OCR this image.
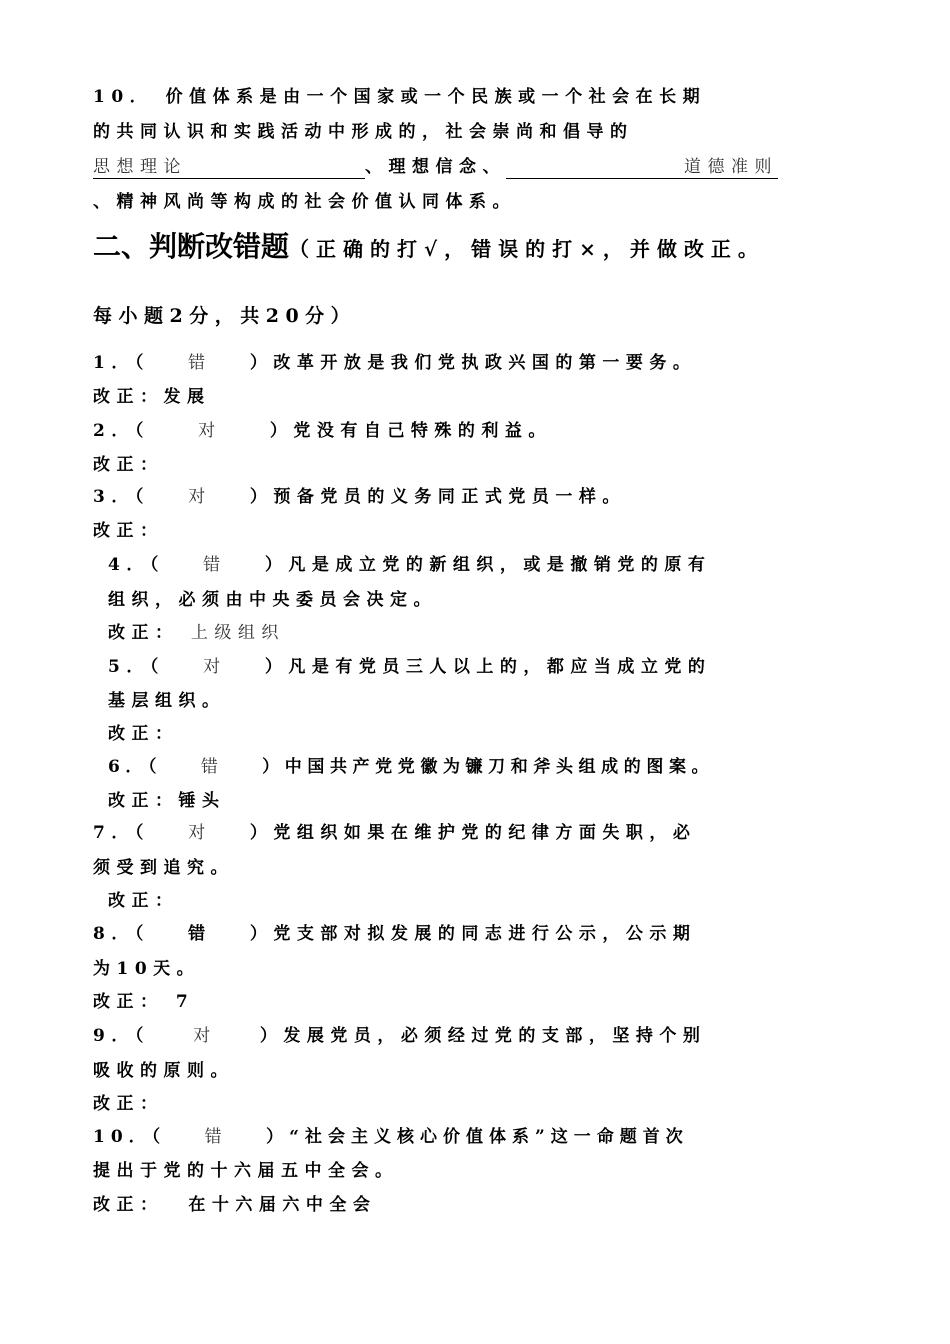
10． 价值体系是由一个国家或一个民族或一个社会在长期
的共同认识和实践活动中形成的，社会崇尚和倡导的
思想理论	、理想信念、	道德准则
、精神风尚等构成的社会价值认同体系。
二、判断改错题（正确的打√，错误的打×，并做改正。
每小题2分，共20分）
1．（ 错 ）改革开放是我们党执政兴国的第一要务。
改正：发展
2．（	对	）党没有自己特殊的利益。
改正：
3．（ 对 ）预备党员的义务同正式党员一样。
改正：
4．（ 错 ）凡是成立党的新组织，或是撤销党的原有
组织，必须由中央委员会决定。
改正： 上级组织
5．（ 对 ）凡是有党员三人以上的，都应当成立党的
基层组织。
改正：
6．（ 错 ）中国共产党党徽为镰刀和斧头组成的图案。
改正：锤头
7．（ 对 ）党组织如果在维护党的纪律方面失职，必
须受到追究。
改正：
8．（ 错 ）党支部对拟发展的同志进行公示，公示期
为10天。
改正： 7
9．（	对	）发展党员，必须经过党的支部，坚持个别
吸收的原则。
改正：
10．（ 错 ）“社会主义核心价值体系”这一命题首次
提出于党的十六届五中全会。
改正： 在十六届六中全会
